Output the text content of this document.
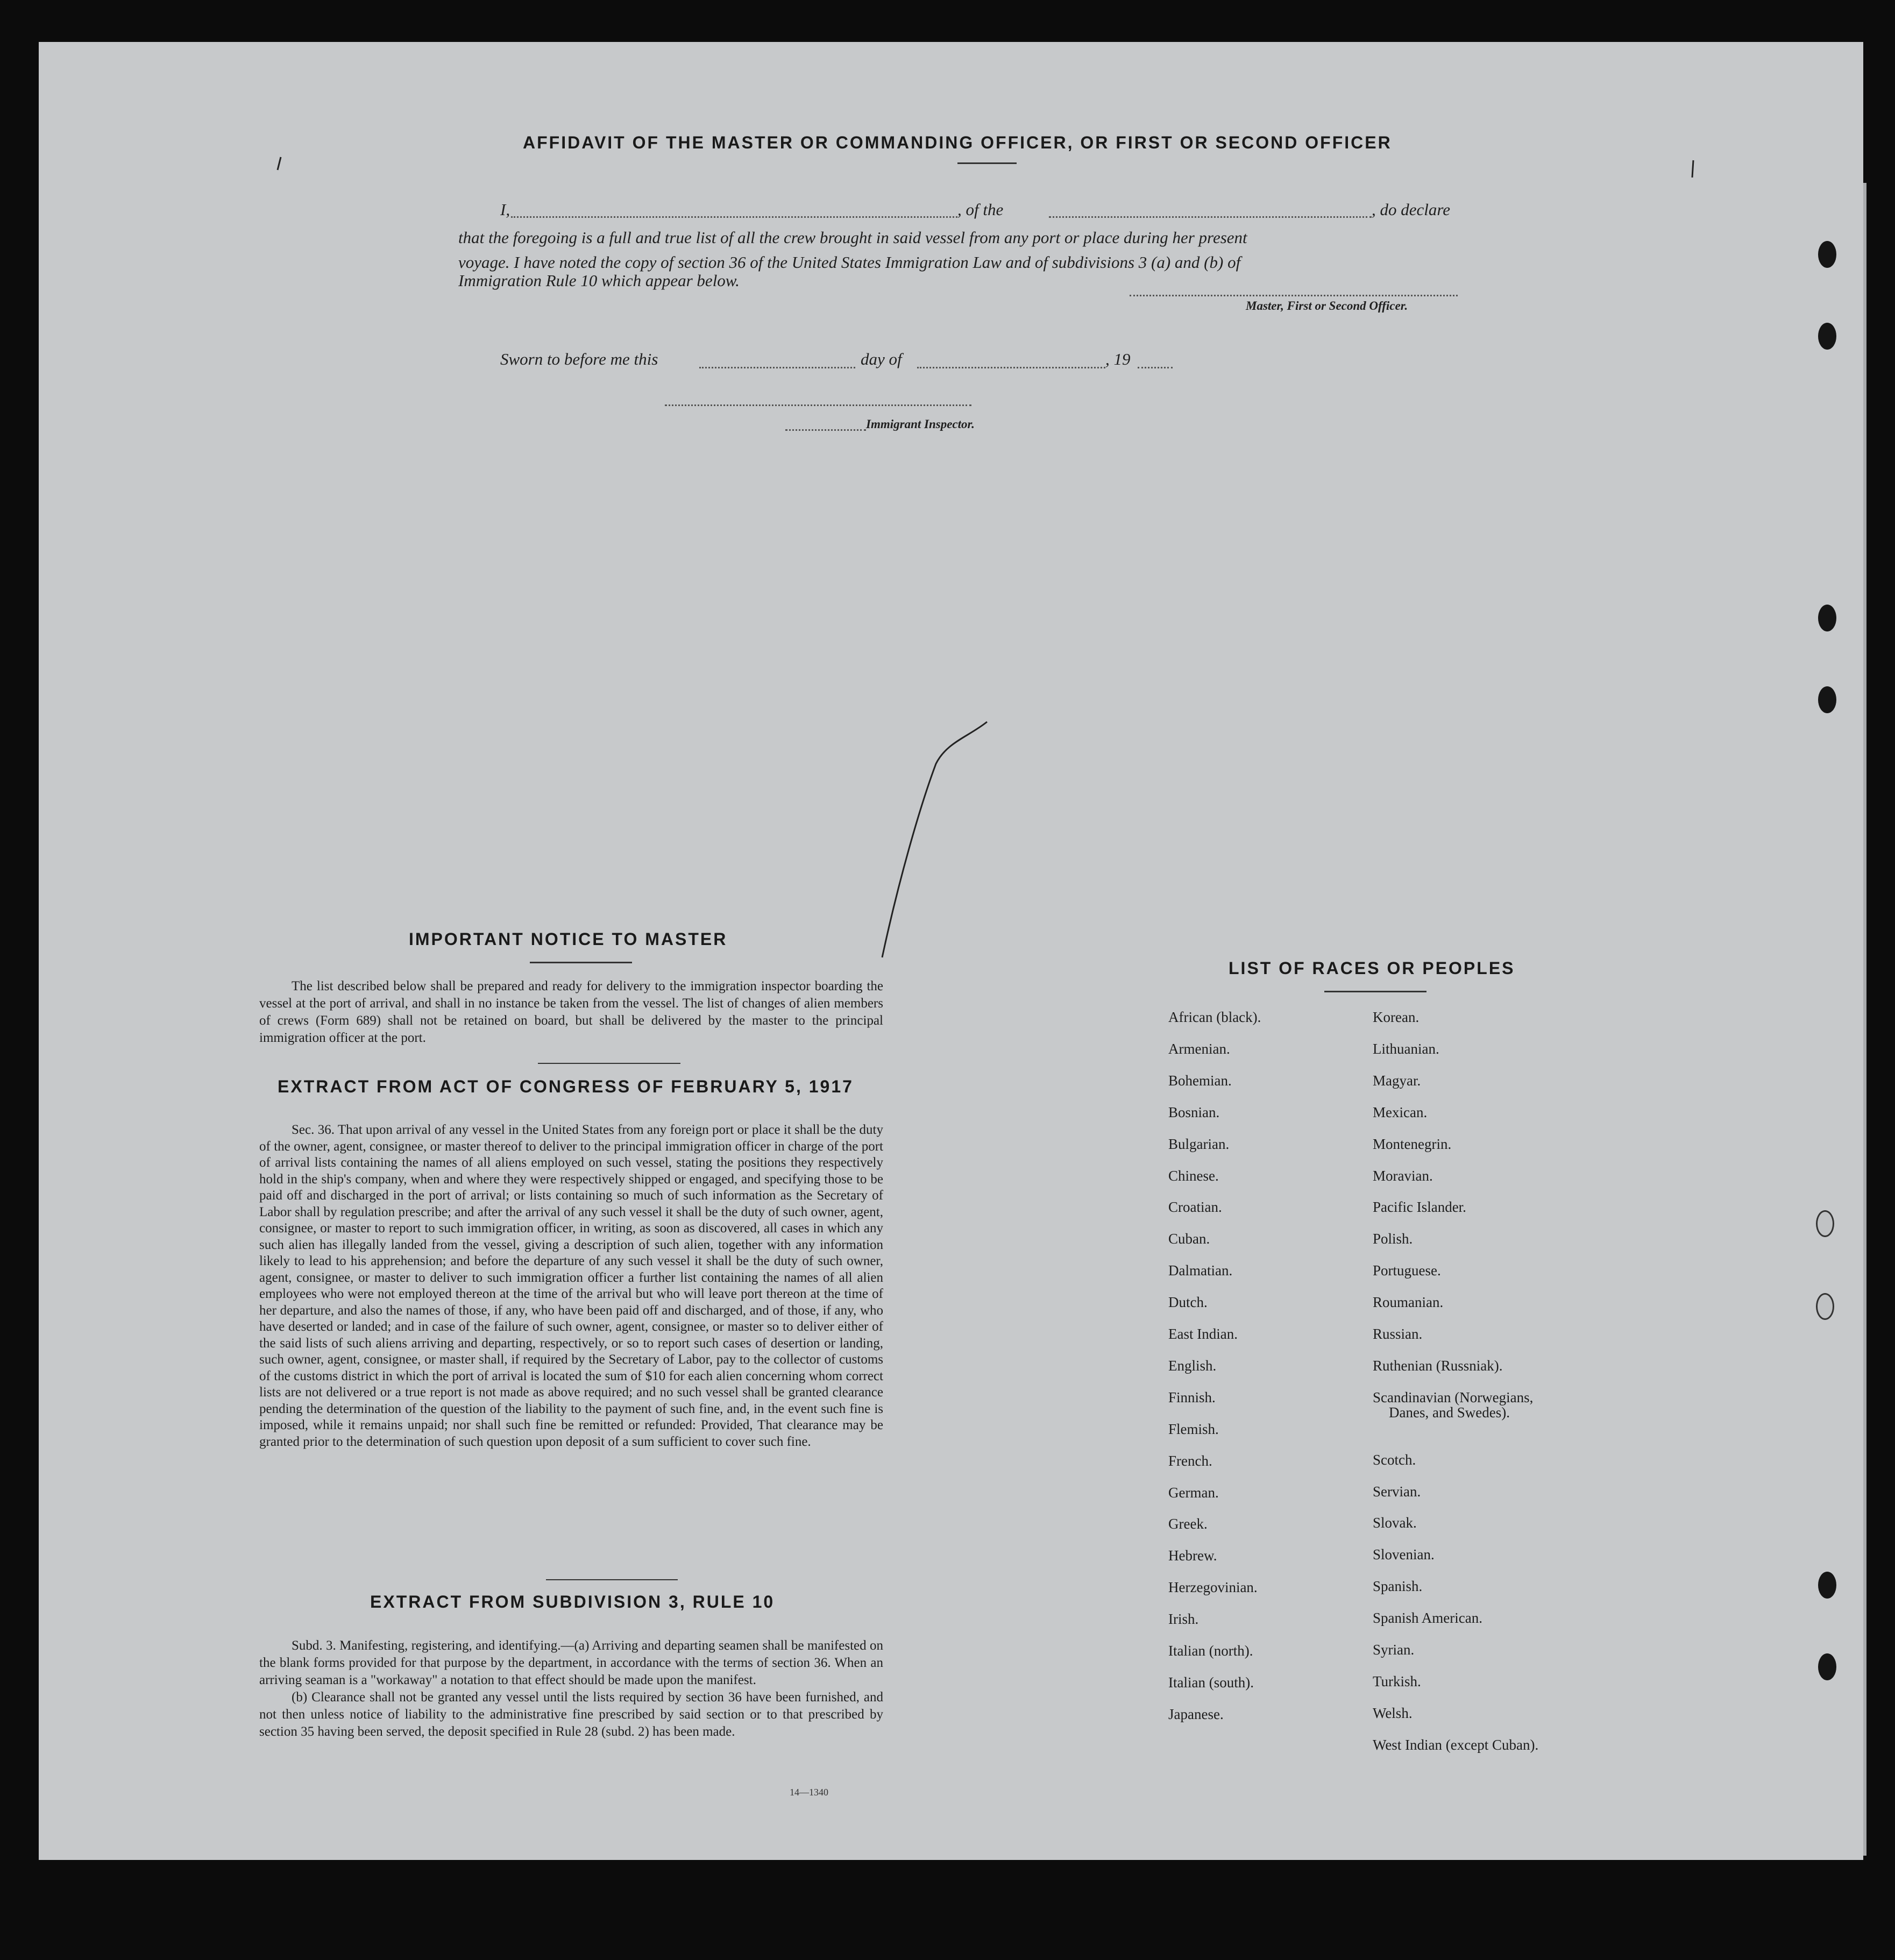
AFFIDAVIT OF THE MASTER OR COMMANDING OFFICER, OR FIRST OR SECOND OFFICER
I,	, of the	, do declare
that the foregoing is a full and true list of all the crew brought in said vessel from any port or place during her present
voyage. I have noted the copy of section 36 of the United States Immigration Law and of subdivisions 3 (a) and (b) of
Immigration Rule 10 which appear below.
Master, First or Second Officer.
Sworn to before me this	day of	, 19
Immigrant Inspector.
IMPORTANT NOTICE TO MASTER

The list described below shall be prepared and ready for delivery to the immigration inspector boarding the vessel at the port of arrival, and shall in no instance be taken from the vessel. The list of changes of alien members of crews (Form 689) shall not be retained on board, but shall be delivered by the master to the principal immigration officer at the port.

EXTRACT FROM ACT OF CONGRESS OF FEBRUARY 5, 1917

Sec. 36. That upon arrival of any vessel in the United States from any foreign port or place it shall be the duty of the owner, agent, consignee, or master thereof to deliver to the principal immigration officer in charge of the port of arrival lists containing the names of all aliens employed on such vessel, stating the positions they respectively hold in the ship's company, when and where they were respectively shipped or engaged, and specifying those to be paid off and discharged in the port of arrival; or lists containing so much of such information as the Secretary of Labor shall by regulation prescribe; and after the arrival of any such vessel it shall be the duty of such owner, agent, consignee, or master to report to such immigration officer, in writing, as soon as discovered, all cases in which any such alien has illegally landed from the vessel, giving a description of such alien, together with any information likely to lead to his apprehension; and before the departure of any such vessel it shall be the duty of such owner, agent, consignee, or master to deliver to such immigration officer a further list containing the names of all alien employees who were not employed thereon at the time of the arrival but who will leave port thereon at the time of her departure, and also the names of those, if any, who have been paid off and discharged, and of those, if any, who have deserted or landed; and in case of the failure of such owner, agent, consignee, or master so to deliver either of the said lists of such aliens arriving and departing, respectively, or so to report such cases of desertion or landing, such owner, agent, consignee, or master shall, if required by the Secretary of Labor, pay to the collector of customs of the customs district in which the port of arrival is located the sum of $10 for each alien concerning whom correct lists are not delivered or a true report is not made as above required; and no such vessel shall be granted clearance pending the determination of the question of the liability to the payment of such fine, and, in the event such fine is imposed, while it remains unpaid; nor shall such fine be remitted or refunded: Provided, That clearance may be granted prior to the determination of such question upon deposit of a sum sufficient to cover such fine.

EXTRACT FROM SUBDIVISION 3, RULE 10

Subd. 3. Manifesting, registering, and identifying.—(a) Arriving and departing seamen shall be manifested on the blank forms provided for that purpose by the department, in accordance with the terms of section 36. When an arriving seaman is a "workaway" a notation to that effect should be made upon the manifest.

(b) Clearance shall not be granted any vessel until the lists required by section 36 have been furnished, and not then unless notice of liability to the administrative fine prescribed by said section or to that prescribed by section 35 having been served, the deposit specified in Rule 28 (subd. 2) has been made.

14—1340
LIST OF RACES OR PEOPLES
African (black).
Armenian.
Bohemian.
Bosnian.
Bulgarian.
Chinese.
Croatian.
Cuban.
Dalmatian.
Dutch.
East Indian.
English.
Finnish.
Flemish.
French.
German.
Greek.
Hebrew.
Herzegovinian.
Irish.
Italian (north).
Italian (south).
Japanese.
Korean.
Lithuanian.
Magyar.
Mexican.
Montenegrin.
Moravian.
Pacific Islander.
Polish.
Portuguese.
Roumanian.
Russian.
Ruthenian (Russniak).
Scandinavian (Norwegians,
Danes, and Swedes).
Scotch.
Servian.
Slovak.
Slovenian.
Spanish.
Spanish American.
Syrian.
Turkish.
Welsh.
West Indian (except Cuban).
